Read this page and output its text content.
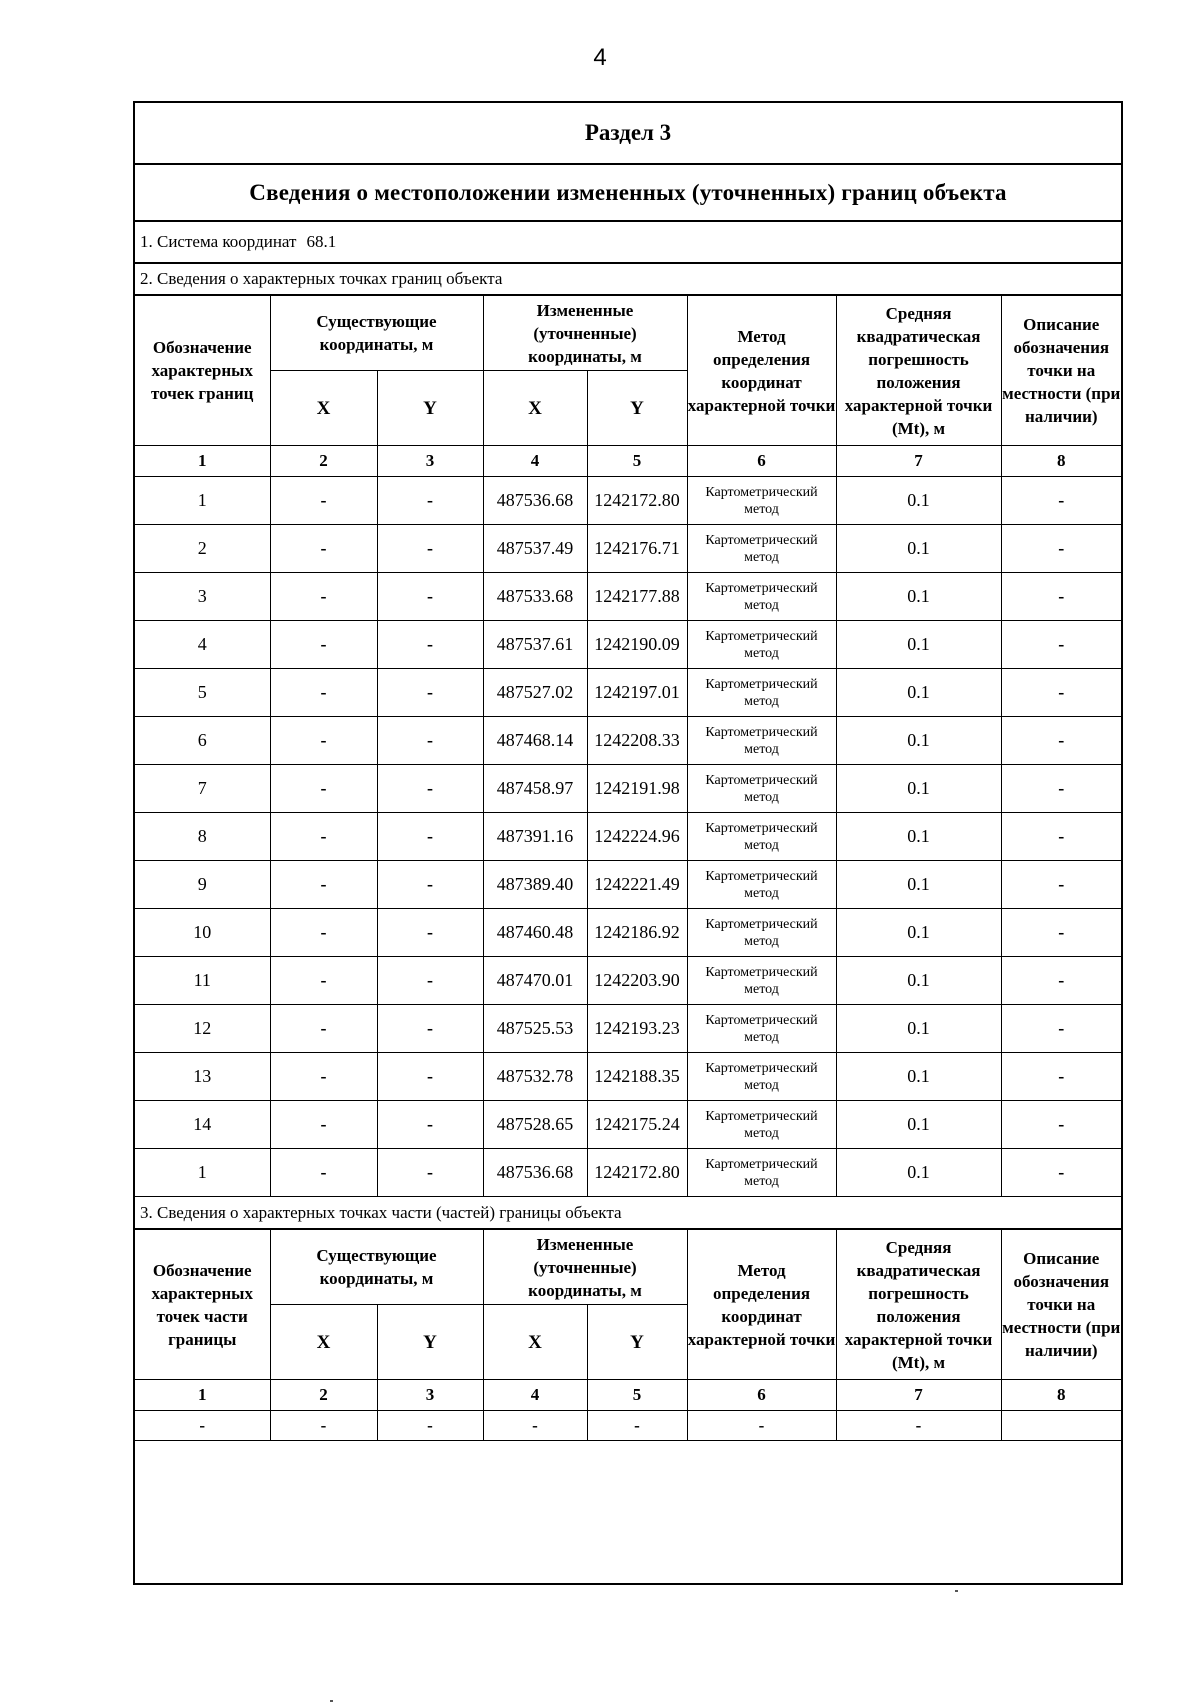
4
Раздел 3
Сведения о местоположении измененных (уточненных) границ объекта
1. Система координат 68.1
2. Сведения о характерных точках границ объекта
Обозначение характерных точек границ	Существующие координаты, м		Измененные (уточненные) координаты, м		Метод определения координат характерной точки	Средняя квадратическая погрешность положения характерной точки (Mt), м	Описание обозначения точки на местности (при наличии)
	X	Y	X	Y			
1	2	3	4	5	6	7	8
1	-	-	487536.68	1242172.80	Картометрический метод	0.1	-
2	-	-	487537.49	1242176.71	Картометрический метод	0.1	-
3	-	-	487533.68	1242177.88	Картометрический метод	0.1	-
4	-	-	487537.61	1242190.09	Картометрический метод	0.1	-
5	-	-	487527.02	1242197.01	Картометрический метод	0.1	-
6	-	-	487468.14	1242208.33	Картометрический метод	0.1	-
7	-	-	487458.97	1242191.98	Картометрический метод	0.1	-
8	-	-	487391.16	1242224.96	Картометрический метод	0.1	-
9	-	-	487389.40	1242221.49	Картометрический метод	0.1	-
10	-	-	487460.48	1242186.92	Картометрический метод	0.1	-
11	-	-	487470.01	1242203.90	Картометрический метод	0.1	-
12	-	-	487525.53	1242193.23	Картометрический метод	0.1	-
13	-	-	487532.78	1242188.35	Картометрический метод	0.1	-
14	-	-	487528.65	1242175.24	Картометрический метод	0.1	-
1	-	-	487536.68	1242172.80	Картометрический метод	0.1	-
3. Сведения о характерных точках части (частей) границы объекта
Обозначение характерных точек части границы	Существующие координаты, м		Измененные (уточненные) координаты, м		Метод определения координат характерной точки	Средняя квадратическая погрешность положения характерной точки (Mt), м	Описание обозначения точки на местности (при наличии)
	X	Y	X	Y			
1	2	3	4	5	6	7	8
-	-	-	-	-	-	-	
